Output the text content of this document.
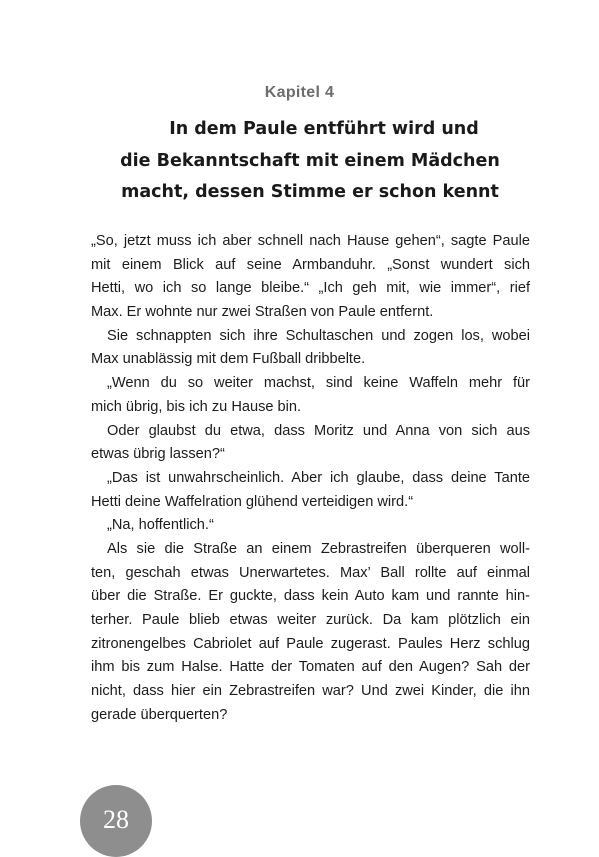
Kapitel 4
In dem Paule entführt wird und
die Bekanntschaft mit einem Mädchen
macht, dessen Stimme er schon kennt
„So, jetzt muss ich aber schnell nach Hause gehen“, sagte Paule
mit einem Blick auf seine Armbanduhr. „Sonst wundert sich
Hetti, wo ich so lange bleibe.“ „Ich geh mit, wie immer“, rief
Max. Er wohnte nur zwei Straßen von Paule entfernt.
Sie schnappten sich ihre Schultaschen und zogen los, wobei
Max unablässig mit dem Fußball dribbelte.
„Wenn du so weiter machst, sind keine Waffeln mehr für
mich übrig, bis ich zu Hause bin.
Oder glaubst du etwa, dass Moritz und Anna von sich aus
etwas übrig lassen?“
„Das ist unwahrscheinlich. Aber ich glaube, dass deine Tante
Hetti deine Waffelration glühend verteidigen wird.“
„Na, hoffentlich.“
Als sie die Straße an einem Zebrastreifen überqueren woll-
ten, geschah etwas Unerwartetes. Max’ Ball rollte auf einmal
über die Straße. Er guckte, dass kein Auto kam und rannte hin-
terher. Paule blieb etwas weiter zurück. Da kam plötzlich ein
zitronengelbes Cabriolet auf Paule zugerast. Paules Herz schlug
ihm bis zum Halse. Hatte der Tomaten auf den Augen? Sah der
nicht, dass hier ein Zebrastreifen war? Und zwei Kinder, die ihn
gerade überquerten?
28
